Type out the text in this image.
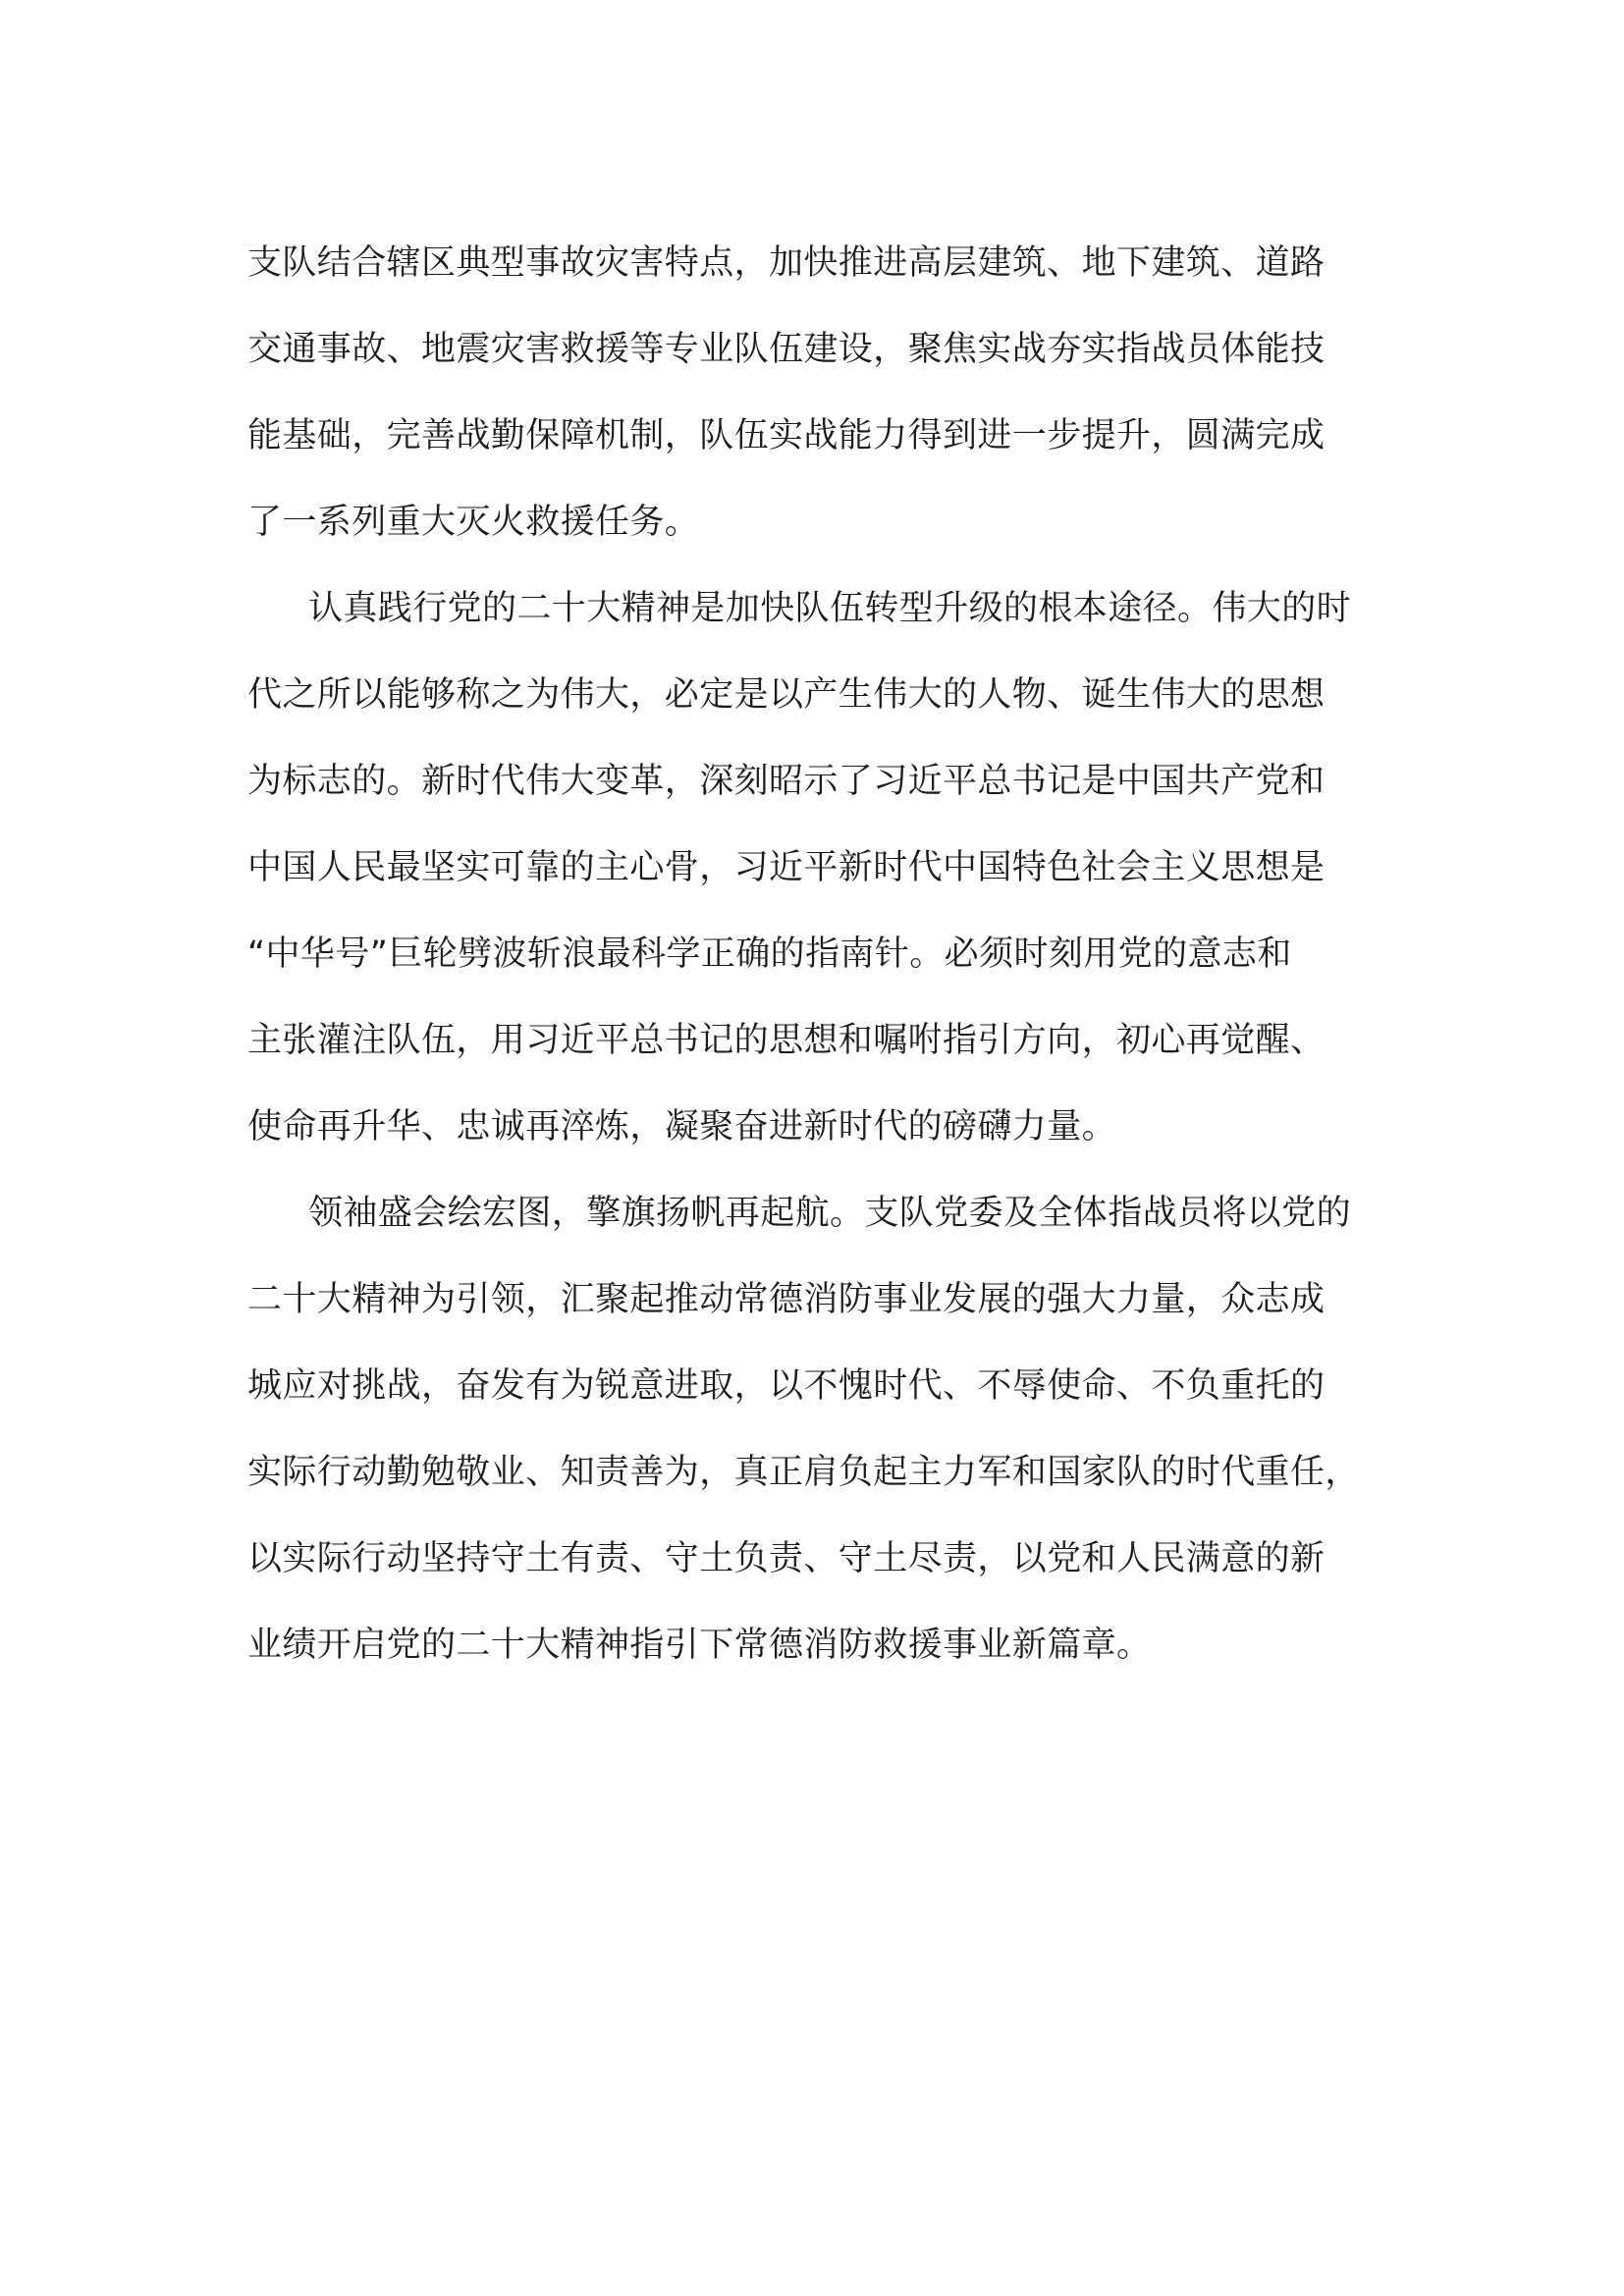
支队结合辖区典型事故灾害特点，加快推进高层建筑、地下建筑、道路
交通事故、地震灾害救援等专业队伍建设，聚焦实战夯实指战员体能技
能基础，完善战勤保障机制，队伍实战能力得到进一步提升，圆满完成
了一系列重大灭火救援任务。
认真践行党的二十大精神是加快队伍转型升级的根本途径。伟大的时
代之所以能够称之为伟大，必定是以产生伟大的人物、诞生伟大的思想
为标志的。新时代伟大变革，深刻昭示了习近平总书记是中国共产党和
中国人民最坚实可靠的主心骨，习近平新时代中国特色社会主义思想是
“中华号”巨轮劈波斩浪最科学正确的指南针。必须时刻用党的意志和
主张灌注队伍，用习近平总书记的思想和嘱咐指引方向，初心再觉醒、
使命再升华、忠诚再淬炼，凝聚奋进新时代的磅礴力量。
领袖盛会绘宏图，擎旗扬帆再起航。支队党委及全体指战员将以党的
二十大精神为引领，汇聚起推动常德消防事业发展的强大力量，众志成
城应对挑战，奋发有为锐意进取，以不愧时代、不辱使命、不负重托的
实际行动勤勉敬业、知责善为，真正肩负起主力军和国家队的时代重任，
以实际行动坚持守土有责、守土负责、守土尽责，以党和人民满意的新
业绩开启党的二十大精神指引下常德消防救援事业新篇章。
